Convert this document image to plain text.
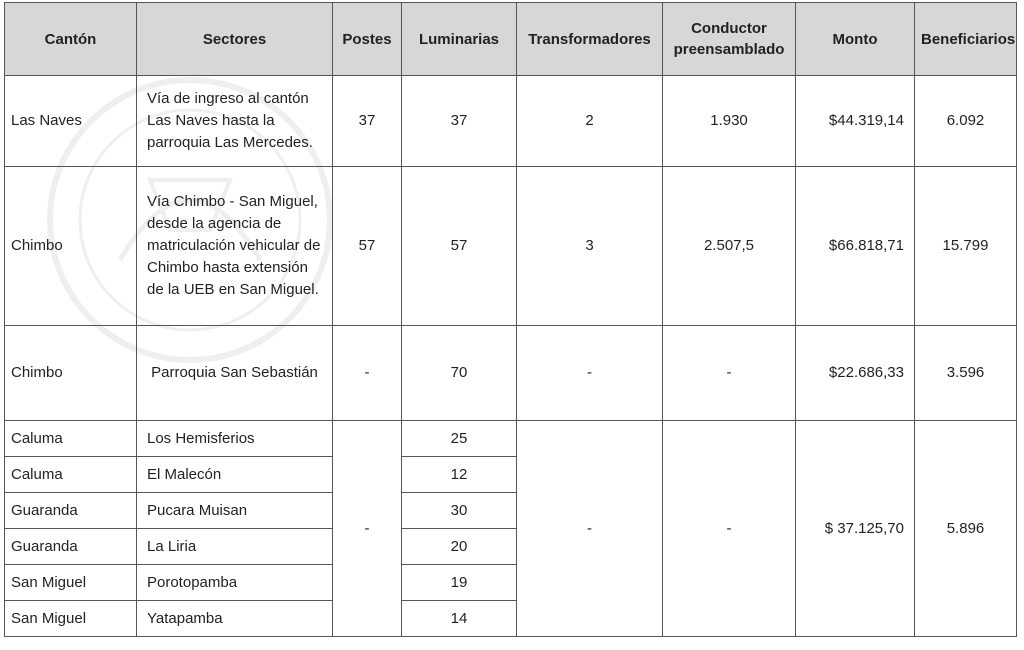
Cantón	Sectores	Postes	Luminarias	Transformadores	Conductor preensamblado	Monto	Beneficiarios
Las Naves	Vía de ingreso al cantón Las Naves hasta la parroquia Las Mercedes.	37	37	2	1.930	$44.319,14	6.092
Chimbo	Vía Chimbo - San Miguel, desde la agencia de matriculación vehicular de Chimbo hasta extensión de la UEB en San Miguel.	57	57	3	2.507,5	$66.818,71	15.799
Chimbo	Parroquia San Sebastián	-	70	-	-	$22.686,33	3.596
Caluma	Los Hemisferios	-	25	-	-	$ 37.125,70	5.896
Caluma	El Malecón		12				
Guaranda	Pucara Muisan		30				
Guaranda	La Liria		20				
San Miguel	Porotopamba		19				
San Miguel	Yatapamba		14				
